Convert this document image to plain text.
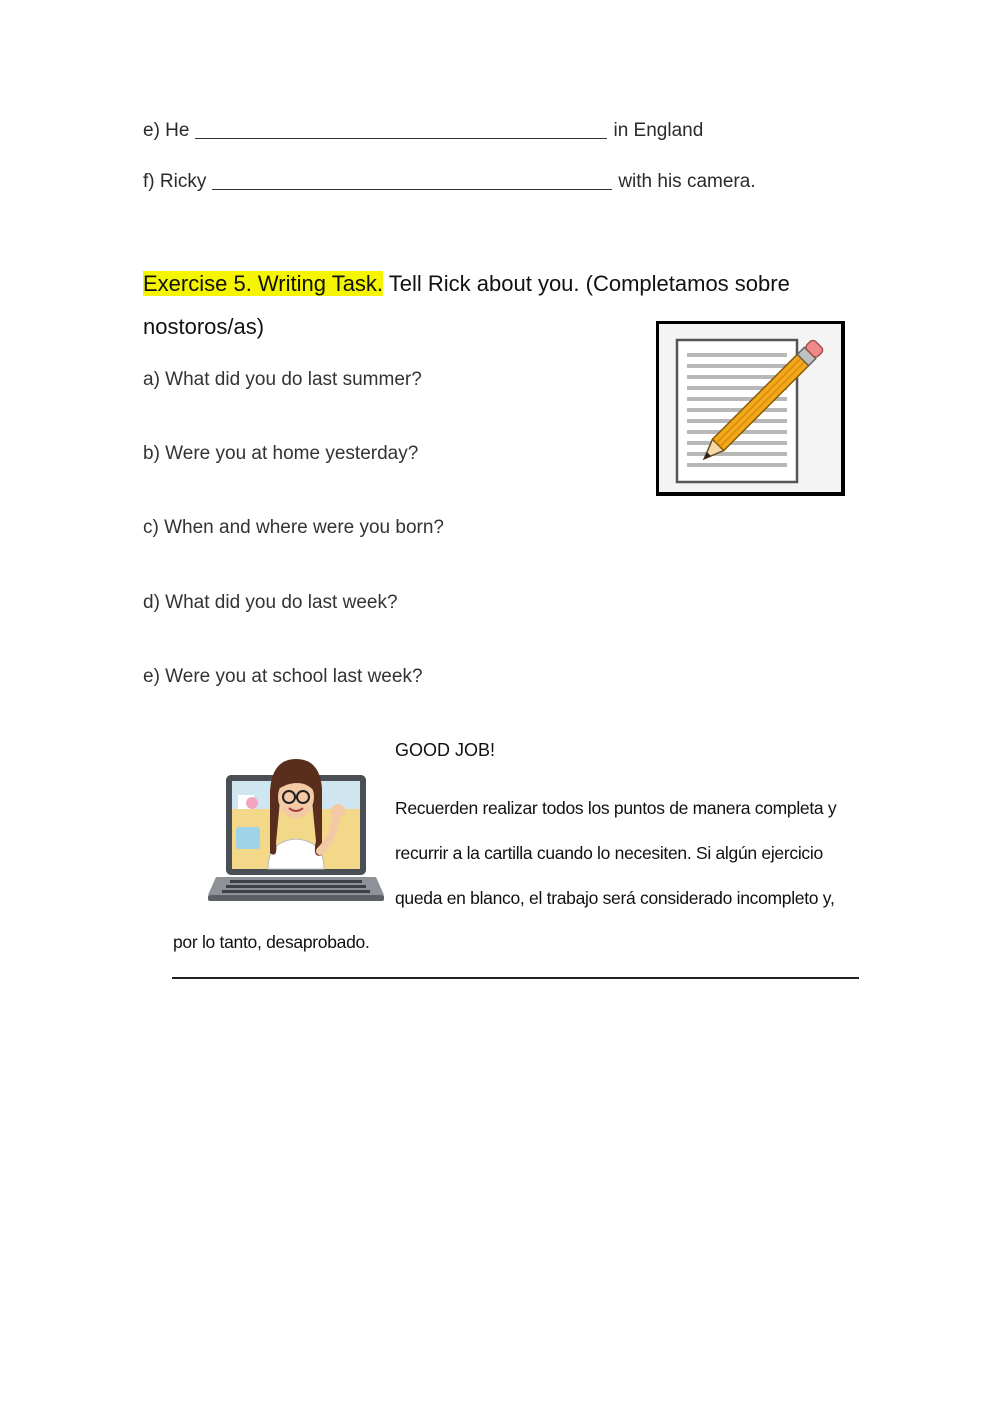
e) He	in England
f) Ricky	with his camera.
Exercise 5. Writing Task. Tell Rick about you. (Completamos sobre
nostoros/as)
a) What did you do last summer?
b) Were you at home yesterday?
c) When and where were you born?
d) What did you do last week?
e) Were you at school last week?
GOOD JOB!
Recuerden realizar todos los puntos de manera completa y
recurrir a la cartilla cuando lo necesiten. Si algún ejercicio
queda en blanco, el trabajo será considerado incompleto y,
por lo tanto, desaprobado.
